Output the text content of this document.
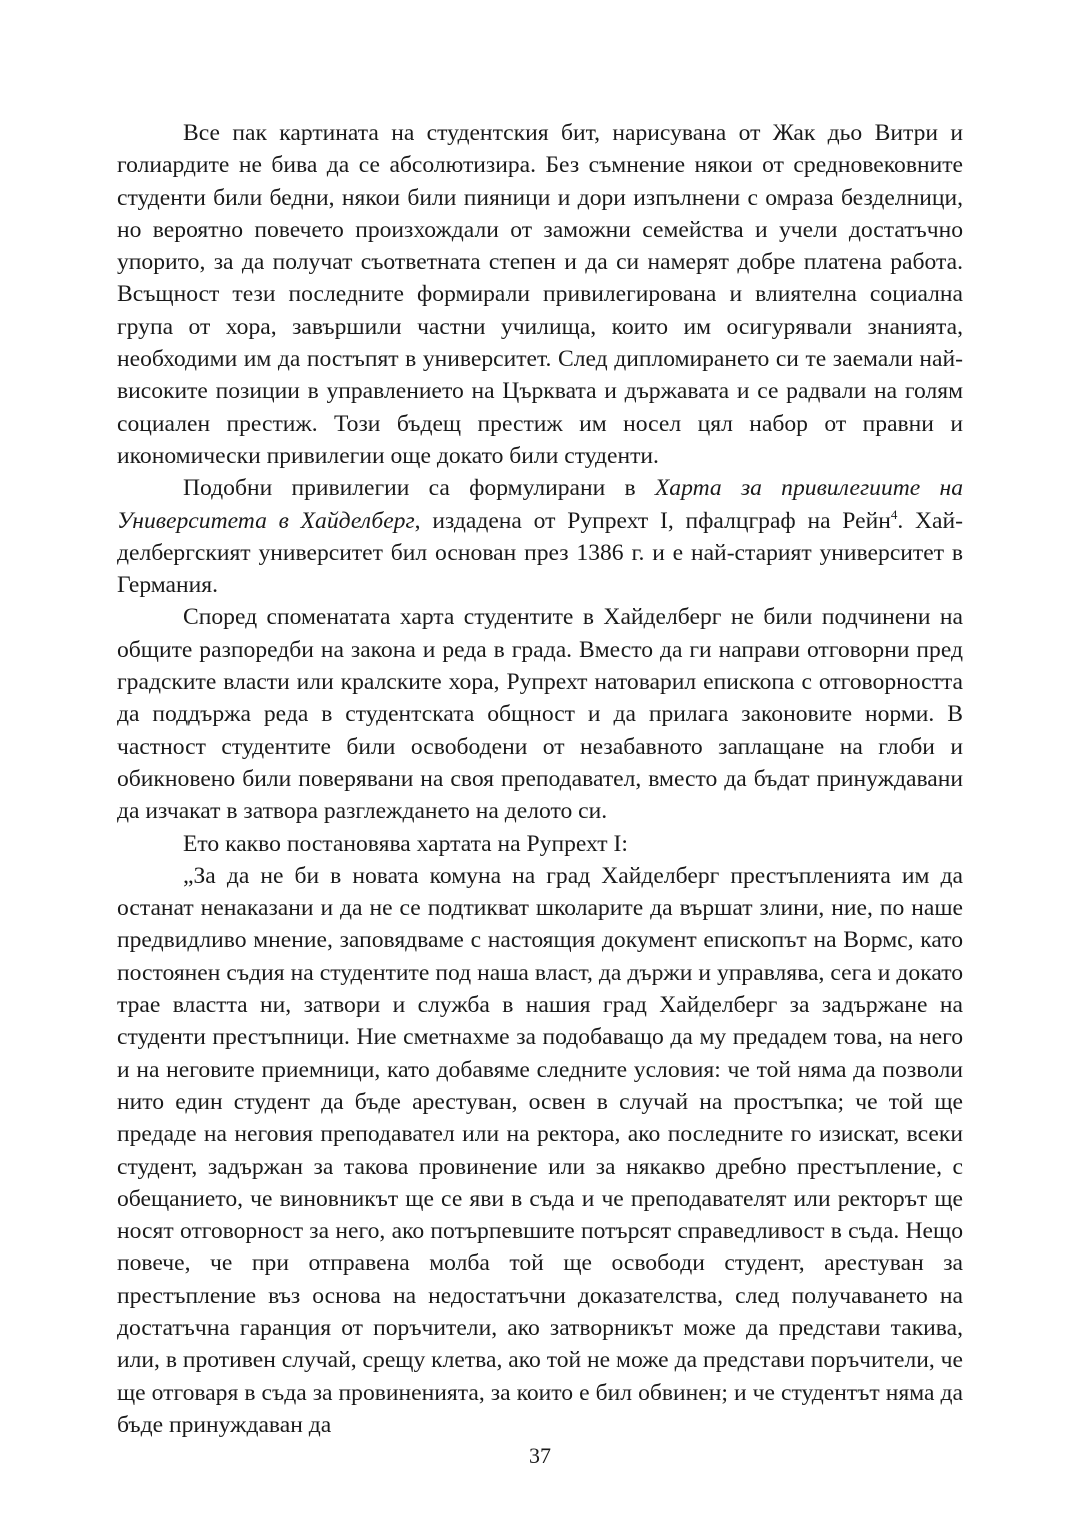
Все пак картината на студентския бит, нарисувана от Жак дьо Витри и голиардите не бива да се абсолютизира. Без съмнение някои от средновековните студенти били бедни, някои били пияници и дори изпълнени с омраза безделници, но вероятно повечето произхождали от заможни семейства и учели достатъчно упорито, за да получат съответната степен и да си намерят добре платена работа. Всъщност тези последните формирали привилегирована и влиятелна социална група от хора, завършили частни училища, които им осигурявали знанията, необходими им да постъпят в университет. След дипломирането си те заемали най-високите позиции в управлението на Църквата и държавата и се радвали на голям социален престиж. Този бъдещ престиж им носел цял набор от правни и икономически привилегии още докато били студенти.

Подобни привилегии са формулирани в Харта за привилегиите на Университета в Хайделберг, издадена от Рупрехт I, пфалцграф на Рейн$^4$. Хайделбергският университет бил основан през 1386 г. и е най-старият университет в Германия.

Според споменатата харта студентите в Хайделберг не били подчинени на общите разпоредби на закона и реда в града. Вместо да ги направи отговорни пред градските власти или кралските хора, Рупрехт натоварил епископа с отговорността да поддържа реда в студентската общност и да прилага законовите норми. В частност студентите били освободени от незабавното заплащане на глоби и обикновено били поверявани на своя преподавател, вместо да бъдат принуждавани да изчакат в затвора разглеждането на делото си.

Ето какво постановява хартата на Рупрехт I:

„За да не би в новата комуна на град Хайделберг престъпленията им да останат ненаказани и да не се подтикват школарите да вършат злини, ние, по наше предвидливо мнение, заповядваме с настоящия документ епископът на Вормс, като постоянен съдия на студентите под наша власт, да държи и управлява, сега и докато трае властта ни, затвори и служба в нашия град Хайделберг за задържане на студенти престъпници. Ние сметнахме за подобаващо да му предадем това, на него и на неговите приемници, като добавяме следните условия: че той няма да позволи нито един студент да бъде арестуван, освен в случай на простъпка; че той ще предаде на неговия преподавател или на ректора, ако последните го изискат, всеки студент, задържан за такова провинение или за някакво дребно престъпление, с обещанието, че виновникът ще се яви в съда и че преподавателят или ректорът ще носят отговорност за него, ако потърпевшите потърсят справедливост в съда. Нещо повече, че при отправена молба той ще освободи студент, арестуван за престъпление въз основа на недостатъчни доказателства, след получаването на достатъчна гаранция от поръчители, ако затворникът може да представи такива, или, в противен случай, срещу клетва, ако той не може да представи поръчители, че ще отговаря в съда за провиненията, за които е бил обвинен; и че студентът няма да бъде принуждаван да

37
